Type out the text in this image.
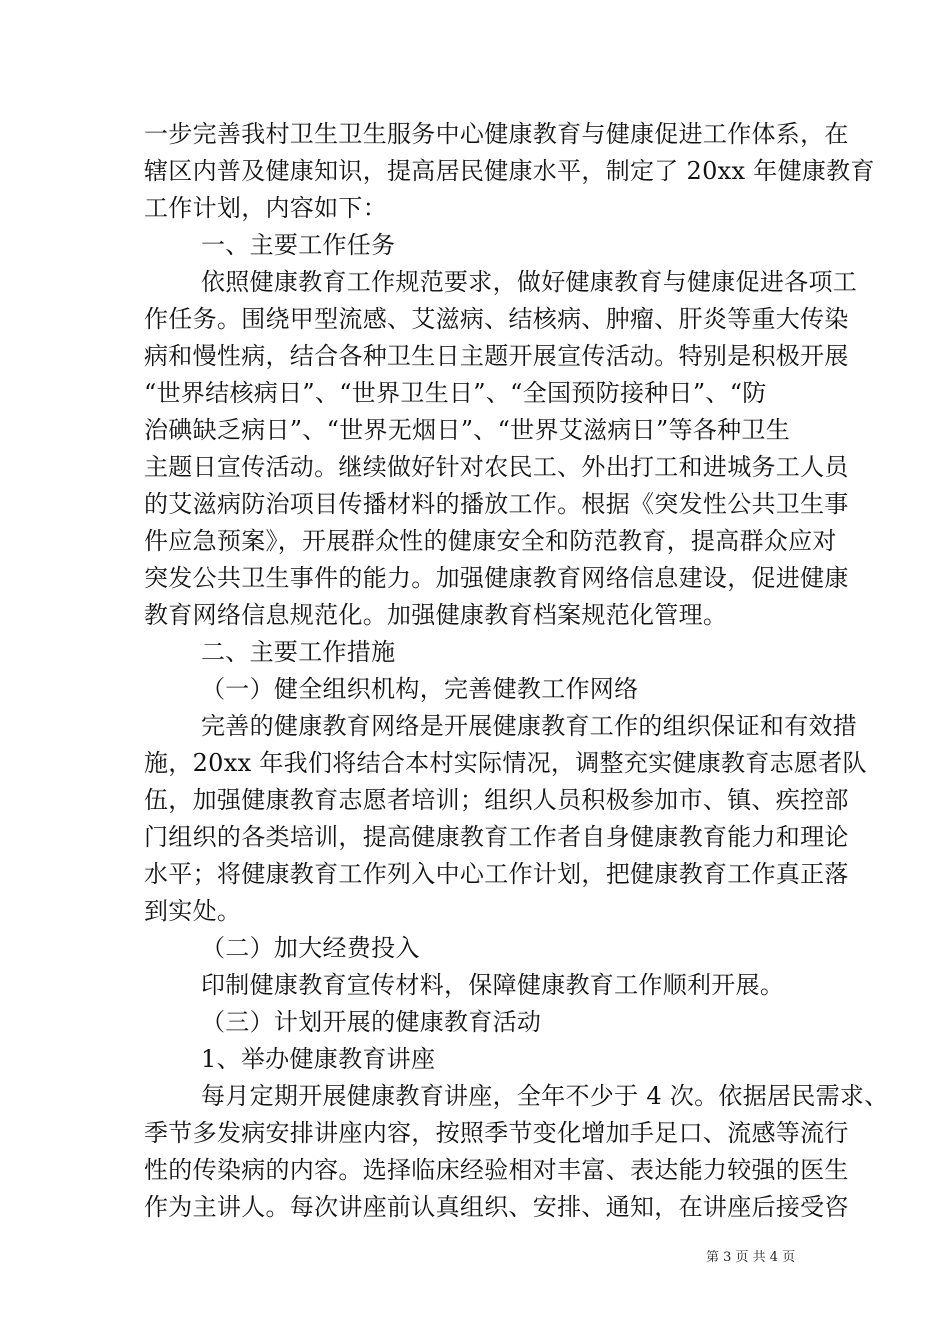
一步完善我村卫生卫生服务中心健康教育与健康促进工作体系，在
辖区内普及健康知识，提高居民健康水平，制定了 20xx 年健康教育
工作计划，内容如下：
一、主要工作任务
依照健康教育工作规范要求，做好健康教育与健康促进各项工
作任务。围绕甲型流感、艾滋病、结核病、肿瘤、肝炎等重大传染
病和慢性病，结合各种卫生日主题开展宣传活动。特别是积极开展
“世界结核病日”、“世界卫生日”、“全国预防接种日”、“防
治碘缺乏病日”、“世界无烟日”、“世界艾滋病日”等各种卫生
主题日宣传活动。继续做好针对农民工、外出打工和进城务工人员
的艾滋病防治项目传播材料的播放工作。根据《突发性公共卫生事
件应急预案》，开展群众性的健康安全和防范教育，提高群众应对
突发公共卫生事件的能力。加强健康教育网络信息建设，促进健康
教育网络信息规范化。加强健康教育档案规范化管理。
二、主要工作措施
（一）健全组织机构，完善健教工作网络
完善的健康教育网络是开展健康教育工作的组织保证和有效措
施，20xx 年我们将结合本村实际情况，调整充实健康教育志愿者队
伍，加强健康教育志愿者培训；组织人员积极参加市、镇、疾控部
门组织的各类培训，提高健康教育工作者自身健康教育能力和理论
水平；将健康教育工作列入中心工作计划，把健康教育工作真正落
到实处。
（二）加大经费投入
印制健康教育宣传材料，保障健康教育工作顺利开展。
（三）计划开展的健康教育活动
1、举办健康教育讲座
每月定期开展健康教育讲座，全年不少于 4 次。依据居民需求、
季节多发病安排讲座内容，按照季节变化增加手足口、流感等流行
性的传染病的内容。选择临床经验相对丰富、表达能力较强的医生
作为主讲人。每次讲座前认真组织、安排、通知，在讲座后接受咨
第 3 页 共 4 页
